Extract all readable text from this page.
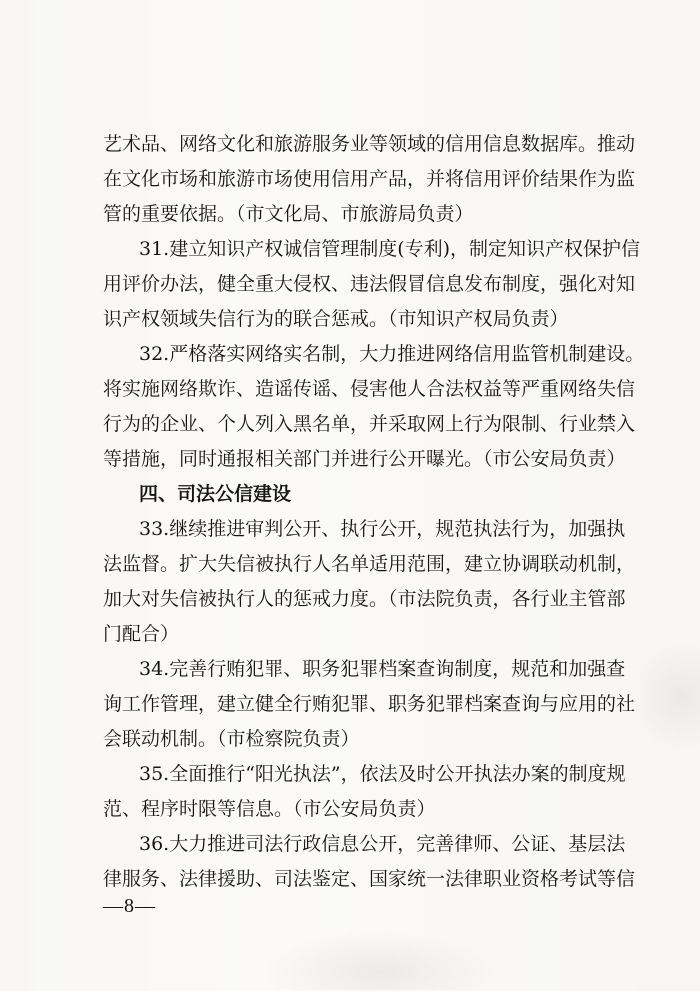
艺术品、网络文化和旅游服务业等领域的信用信息数据库。推动
在文化市场和旅游市场使用信用产品，并将信用评价结果作为监
管的重要依据。（市文化局、市旅游局负责）
31.建立知识产权诚信管理制度(专利)，制定知识产权保护信
用评价办法，健全重大侵权、违法假冒信息发布制度，强化对知
识产权领域失信行为的联合惩戒。（市知识产权局负责）
32.严格落实网络实名制，大力推进网络信用监管机制建设。
将实施网络欺诈、造谣传谣、侵害他人合法权益等严重网络失信
行为的企业、个人列入黑名单，并采取网上行为限制、行业禁入
等措施，同时通报相关部门并进行公开曝光。（市公安局负责）
四、司法公信建设
33.继续推进审判公开、执行公开，规范执法行为，加强执
法监督。扩大失信被执行人名单适用范围，建立协调联动机制，
加大对失信被执行人的惩戒力度。（市法院负责，各行业主管部
门配合）
34.完善行贿犯罪、职务犯罪档案查询制度，规范和加强查
询工作管理，建立健全行贿犯罪、职务犯罪档案查询与应用的社
会联动机制。（市检察院负责）
35.全面推行“阳光执法”，依法及时公开执法办案的制度规
范、程序时限等信息。（市公安局负责）
36.大力推进司法行政信息公开，完善律师、公证、基层法
律服务、法律援助、司法鉴定、国家统一法律职业资格考试等信
—8—
